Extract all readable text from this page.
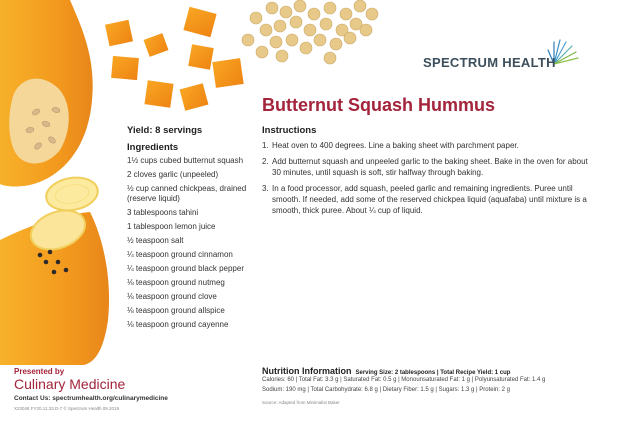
SPECTRUM HEALTH
Butternut Squash Hummus
Yield: 8 servings
Ingredients
1½ cups cubed butternut squash
2 cloves garlic (unpeeled)
½ cup canned chickpeas, drained (reserve liquid)
3 tablespoons tahini
1 tablespoon lemon juice
½ teaspoon salt
¼ teaspoon ground cinnamon
¼ teaspoon ground black pepper
⅛ teaspoon ground nutmeg
⅛ teaspoon ground clove
⅛ teaspoon ground allspice
⅛ teaspoon ground cayenne
Instructions
1. Heat oven to 400 degrees. Line a baking sheet with parchment paper.
2. Add butternut squash and unpeeled garlic to the baking sheet. Bake in the oven for about 30 minutes, until squash is soft, stir halfway through baking.
3. In a food processor, add squash, peeled garlic and remaining ingredients. Puree until smooth. If needed, add some of the reserved chickpea liquid (aquafaba) until mixture is a smooth, thick puree. About ¼ cup of liquid.
Nutrition Information Serving Size: 2 tablespoons | Total Recipe Yield: 1 cup
Calories: 60 | Total Fat: 3.3 g | Saturated Fat: 0.5 g | Monounsaturated Fat: 1 g | Polyunsaturated Fat: 1.4 g
Sodium: 190 mg | Total Carbohydrate: 6.8 g | Dietary Fiber: 1.5 g | Sugars: 1.3 g | Protein: 2 g
Source: Adapted from Minimalist Baker
Presented by
Culinary Medicine
Contact Us: spectrumhealth.org/culinarymedicine
X23048 FY20.11.33.D-7 © Spectrum Health 09.2019
